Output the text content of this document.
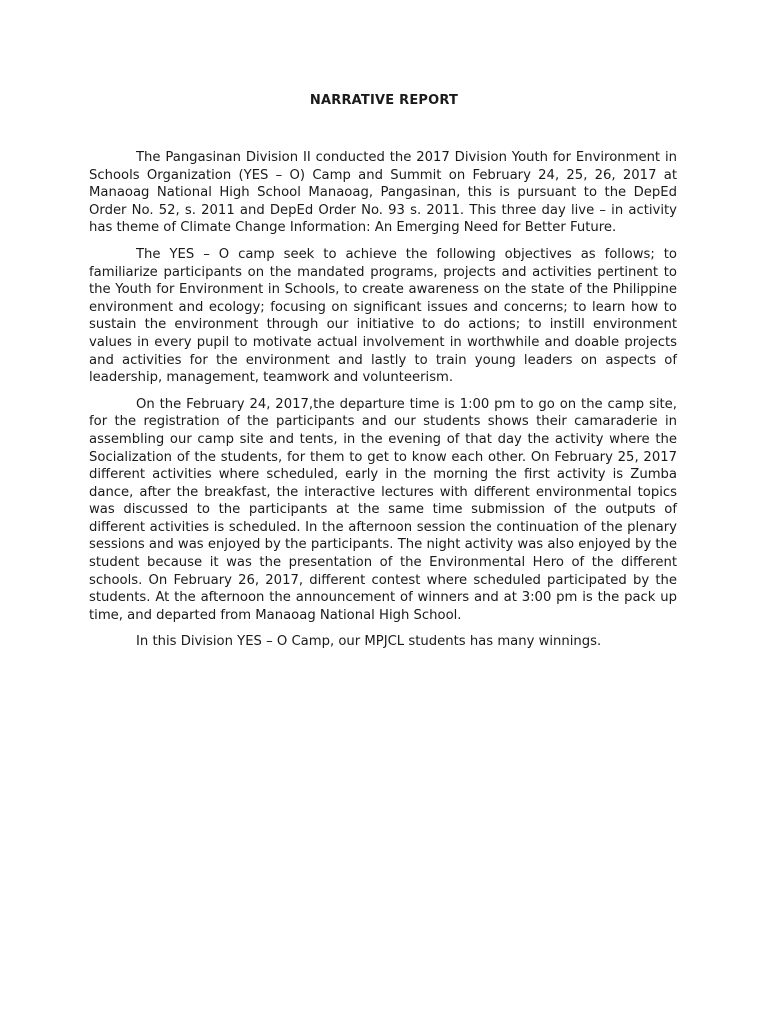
NARRATIVE REPORT

The Pangasinan Division II conducted the 2017 Division Youth for Environment in Schools Organization (YES – O) Camp and Summit on February 24, 25, 26, 2017 at Manaoag National High School Manaoag, Pangasinan, this is pursuant to the DepEd Order No. 52, s. 2011 and DepEd Order No. 93 s. 2011. This three day live – in activity has theme of Climate Change Information: An Emerging Need for Better Future.

The YES – O camp seek to achieve the following objectives as follows; to familiarize participants on the mandated programs, projects and activities pertinent to the Youth for Environment in Schools, to create awareness on the state of the Philippine environment and ecology; focusing on significant issues and concerns; to learn how to sustain the environment through our initiative to do actions; to instill environment values in every pupil to motivate actual involvement in worthwhile and doable projects and activities for the environment and lastly to train young leaders on aspects of leadership, management, teamwork and volunteerism.

On the February 24, 2017,the departure time is 1:00 pm to go on the camp site, for the registration of the participants and our students shows their camaraderie in assembling our camp site and tents, in the evening of that day the activity where the Socialization of the students, for them to get to know each other. On February 25, 2017 different activities where scheduled, early in the morning the first activity is Zumba dance, after the breakfast, the interactive lectures with different environmental topics was discussed to the participants at the same time submission of the outputs of different activities is scheduled. In the afternoon session the continuation of the plenary sessions and was enjoyed by the participants. The night activity was also enjoyed by the student because it was the presentation of the Environmental Hero of the different schools. On February 26, 2017, different contest where scheduled participated by the students. At the afternoon the announcement of winners and at 3:00 pm is the pack up time, and departed from Manaoag National High School.

In this Division YES – O Camp, our MPJCL students has many winnings.
